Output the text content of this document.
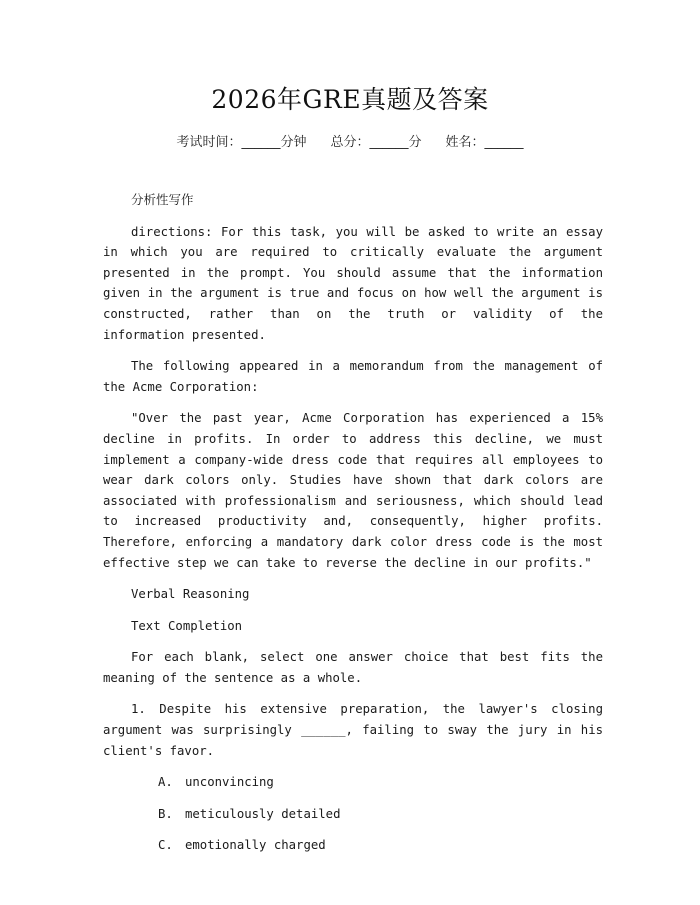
2026年GRE真题及答案
考试时间：______分钟 总分：______分 姓名：______

分析性写作

directions: For this task, you will be asked to write an essay in which you are required to critically evaluate the argument presented in the prompt. You should assume that the information given in the argument is true and focus on how well the argument is constructed, rather than on the truth or validity of the information presented.

The following appeared in a memorandum from the management of the Acme Corporation:

"Over the past year, Acme Corporation has experienced a 15% decline in profits. In order to address this decline, we must implement a company-wide dress code that requires all employees to wear dark colors only. Studies have shown that dark colors are associated with professionalism and seriousness, which should lead to increased productivity and, consequently, higher profits. Therefore, enforcing a mandatory dark color dress code is the most effective step we can take to reverse the decline in our profits."

Verbal Reasoning

Text Completion

For each blank, select one answer choice that best fits the meaning of the sentence as a whole.

1. Despite his extensive preparation, the lawyer's closing argument was surprisingly ______, failing to sway the jury in his client's favor.

A. unconvincing
B. meticulously detailed
C. emotionally charged
